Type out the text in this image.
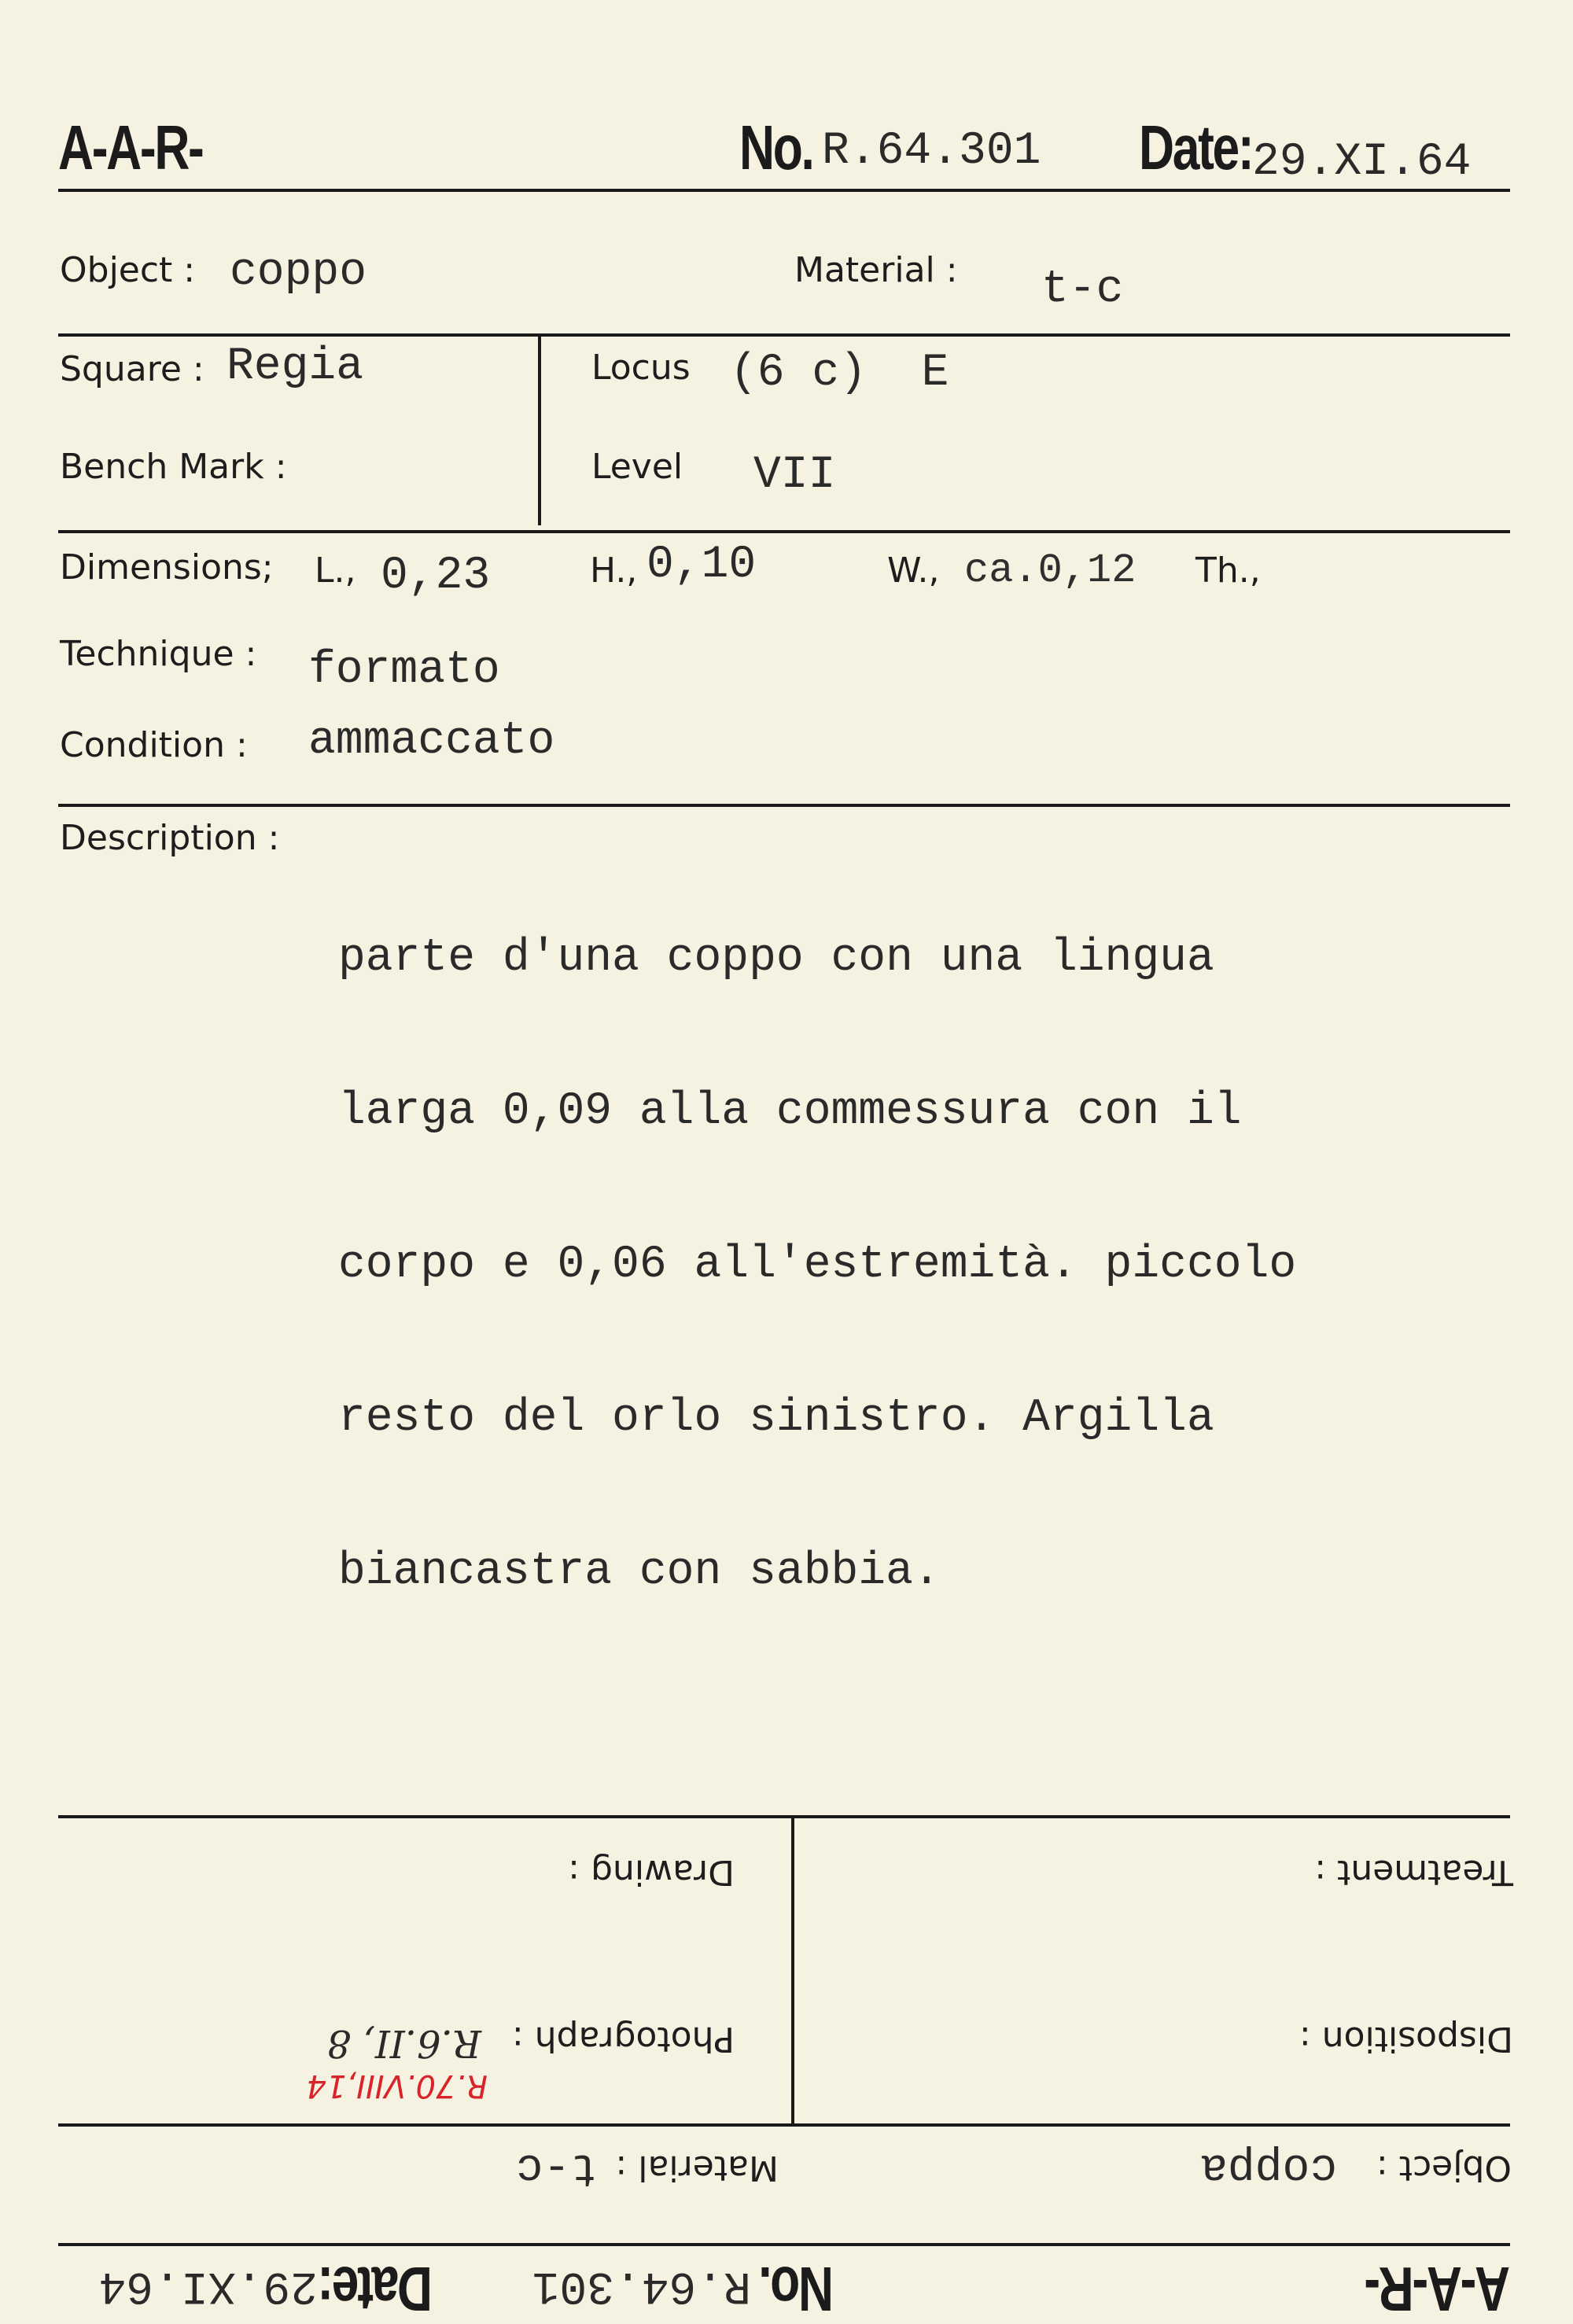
A-A-R-	No. R.64.301 Date: 29.XI.64
Object : coppo	Material : t-c
Square : Regia	Locus (6 c)  E
Bench Mark :	Level VII
Dimensions; L., 0,23	H., 0,10	W., ca.0,12 Th.,
Technique : formato
Condition : ammaccato
Description :

parte d'una coppo con una lingua

larga 0,09 alla commessura con il

corpo e 0,06 all'estremità. piccolo

resto del orlo sinistro. Argilla

biancastra con sabbia.

A-A-R-
No.
R.64.301
Date:
29.XI.64
Object :
coppa
Material :
t-c
Disposition :
Photograph :
R.6.II, 8
R.70.VIII,14
Treatment :
Drawing :
